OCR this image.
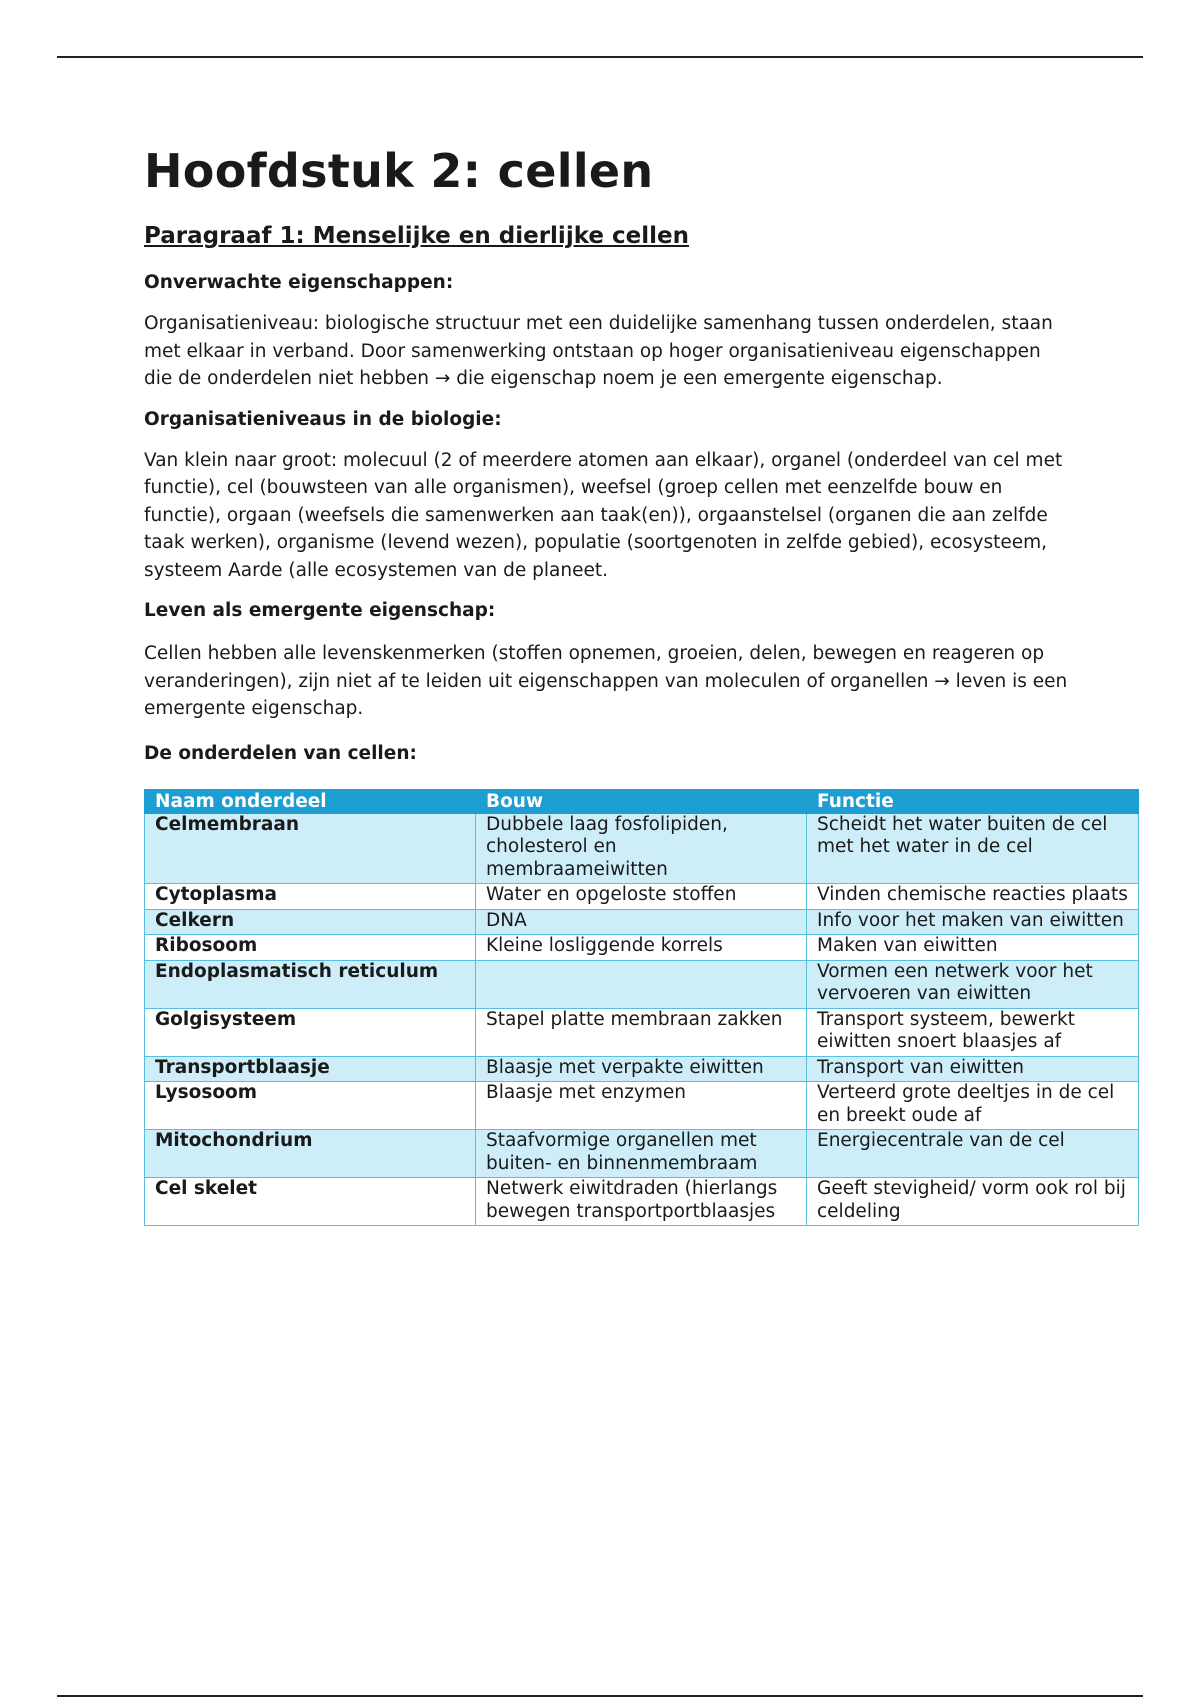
Hoofdstuk 2: cellen
Paragraaf 1: Menselijke en dierlijke cellen
Onverwachte eigenschappen:

Organisatieniveau: biologische structuur met een duidelijke samenhang tussen onderdelen, staan met elkaar in verband. Door samenwerking ontstaan op hoger organisatieniveau eigenschappen die de onderdelen niet hebben → die eigenschap noem je een emergente eigenschap.

Organisatieniveaus in de biologie:

Van klein naar groot: molecuul (2 of meerdere atomen aan elkaar), organel (onderdeel van cel met functie), cel (bouwsteen van alle organismen), weefsel (groep cellen met eenzelfde bouw en functie), orgaan (weefsels die samenwerken aan taak(en)), orgaanstelsel (organen die aan zelfde taak werken), organisme (levend wezen), populatie (soortgenoten in zelfde gebied), ecosysteem, systeem Aarde (alle ecosystemen van de planeet.

Leven als emergente eigenschap:

Cellen hebben alle levenskenmerken (stoffen opnemen, groeien, delen, bewegen en reageren op veranderingen), zijn niet af te leiden uit eigenschappen van moleculen of organellen → leven is een emergente eigenschap.

De onderdelen van cellen:
Naam onderdeel	Bouw	Functie
Celmembraan	Dubbele laag fosfolipiden, cholesterol en membraameiwitten	Scheidt het water buiten de cel met het water in de cel
Cytoplasma	Water en opgeloste stoffen	Vinden chemische reacties plaats
Celkern	DNA	Info voor het maken van eiwitten
Ribosoom	Kleine losliggende korrels	Maken van eiwitten
Endoplasmatisch reticulum		Vormen een netwerk voor het vervoeren van eiwitten
Golgisysteem	Stapel platte membraan zakken	Transport systeem, bewerkt eiwitten snoert blaasjes af
Transportblaasje	Blaasje met verpakte eiwitten	Transport van eiwitten
Lysosoom	Blaasje met enzymen	Verteerd grote deeltjes in de cel en breekt oude af
Mitochondrium	Staafvormige organellen met buiten- en binnenmembraam	Energiecentrale van de cel
Cel skelet	Netwerk eiwitdraden (hierlangs bewegen transportportblaasjes	Geeft stevigheid/ vorm ook rol bij celdeling
